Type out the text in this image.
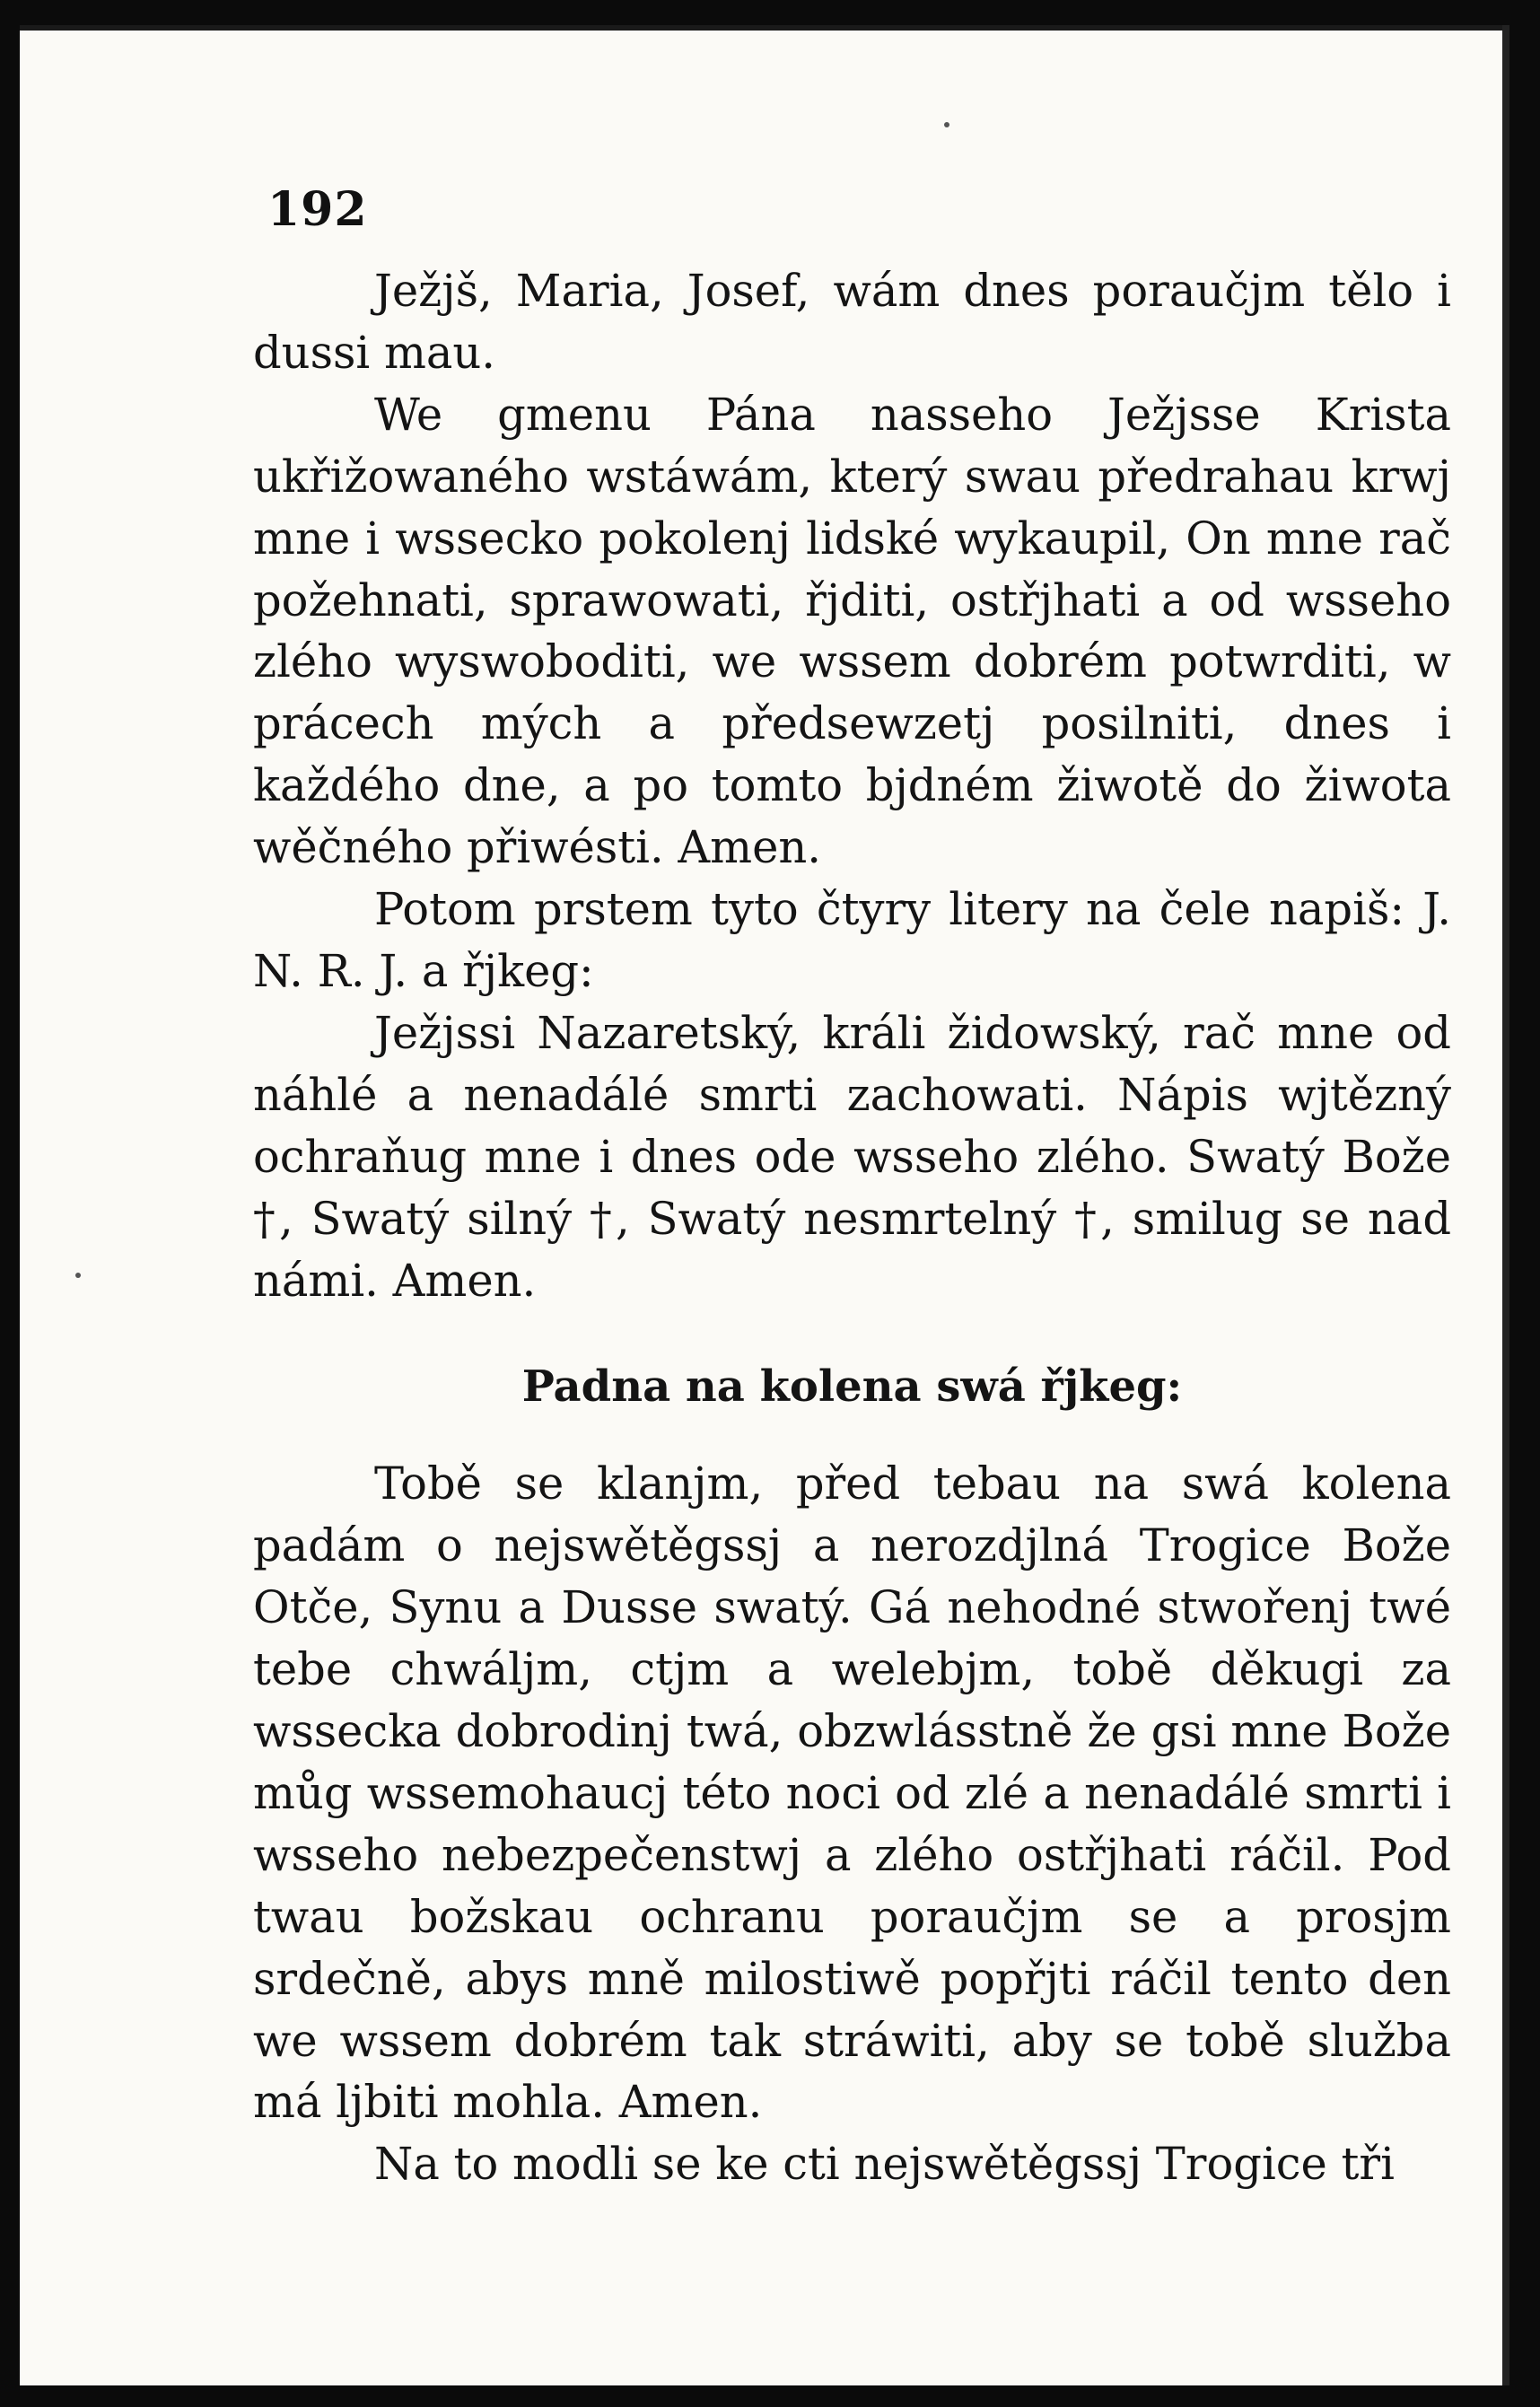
192

Ježjš, Maria, Josef, wám dnes poraučjm tělo i dussi mau.

We gmenu Pána nasseho Ježjsse Krista ukřižowaného wstáwám, který swau předrahau krwj mne i wssecko pokolenj lidské wykaupil, On mne rač požehnati, sprawowati, řjditi, ostřjhati a od wsseho zlého wyswoboditi, we wssem dobrém potwrditi, w prácech mých a předsewzetj posilniti, dnes i každého dne, a po tomto bjdném žiwotě do žiwota wěčného přiwésti. Amen.

Potom prstem tyto čtyry litery na čele napiš: J. N. R. J. a řjkeg:

Ježjssi Nazaretský, králi židowský, rač mne od náhlé a nenadálé smrti zachowati. Nápis wjtězný ochraňug mne i dnes ode wsseho zlého. Swatý Bože †, Swatý silný †, Swatý nesmrtelný †, smilug se nad námi. Amen.

Padna na kolena swá řjkeg:

Tobě se klanjm, před tebau na swá kolena padám o nejswětěgssj a nerozdjlná Trogice Bože Otče, Synu a Dusse swatý. Gá nehodné stwořenj twé tebe chwáljm, ctjm a welebjm, tobě děkugi za wssecka dobrodinj twá, obzwlásstně že gsi mne Bože můg wssemohaucj této noci od zlé a nenadálé smrti i wsseho nebezpečenstwj a zlého ostřjhati ráčil. Pod twau božskau ochranu poraučjm se a prosjm srdečně, abys mně milostiwě popřjti ráčil tento den we wssem dobrém tak stráwiti, aby se tobě služba má ljbiti mohla. Amen.

Na to modli se ke cti nejswětěgssj Trogice tři
